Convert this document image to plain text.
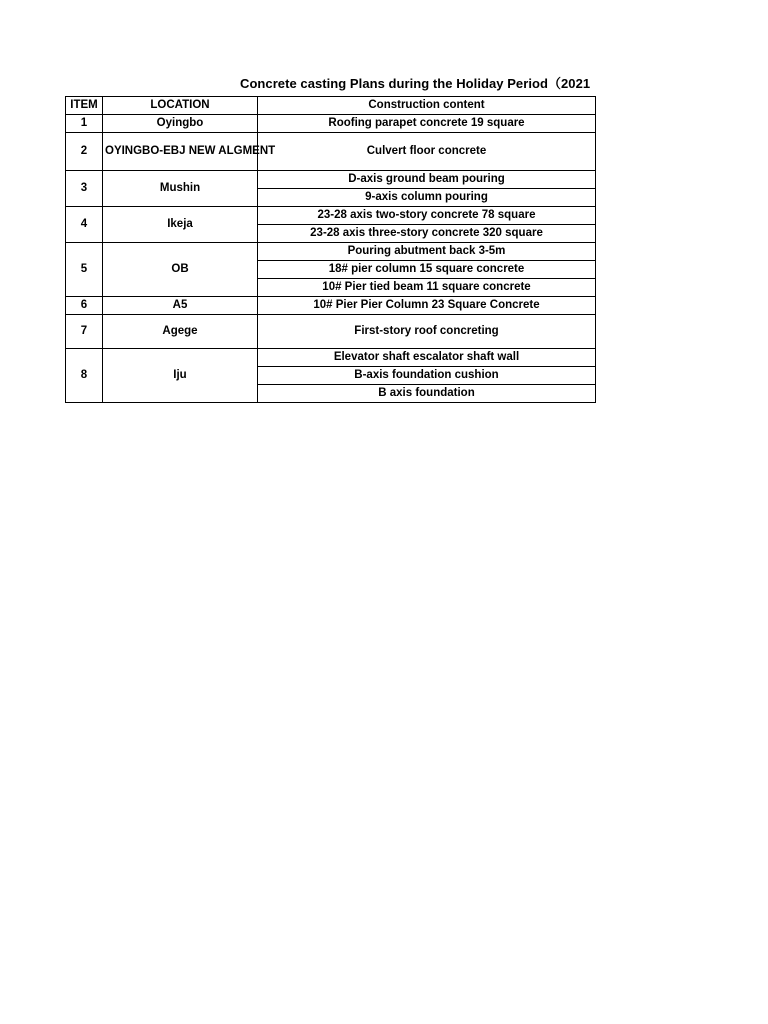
Concrete casting Plans during the Holiday Period（2021
ITEM	LOCATION	Construction content
1	Oyingbo	Roofing parapet concrete 19 square
2	OYINGBO-EBJ NEW ALGMENT	Culvert floor concrete
3	Mushin	D-axis ground beam pouring
		9-axis column pouring
4	Ikeja	23-28 axis two-story concrete 78 square
		23-28 axis three-story concrete 320 square
5	OB	Pouring abutment back 3-5m
		18# pier column 15 square concrete
		10# Pier tied beam 11 square concrete
6	A5	10# Pier Pier Column 23 Square Concrete
7	Agege	First-story roof concreting
8	Iju	Elevator shaft escalator shaft wall
		B-axis foundation cushion
		B axis foundation
